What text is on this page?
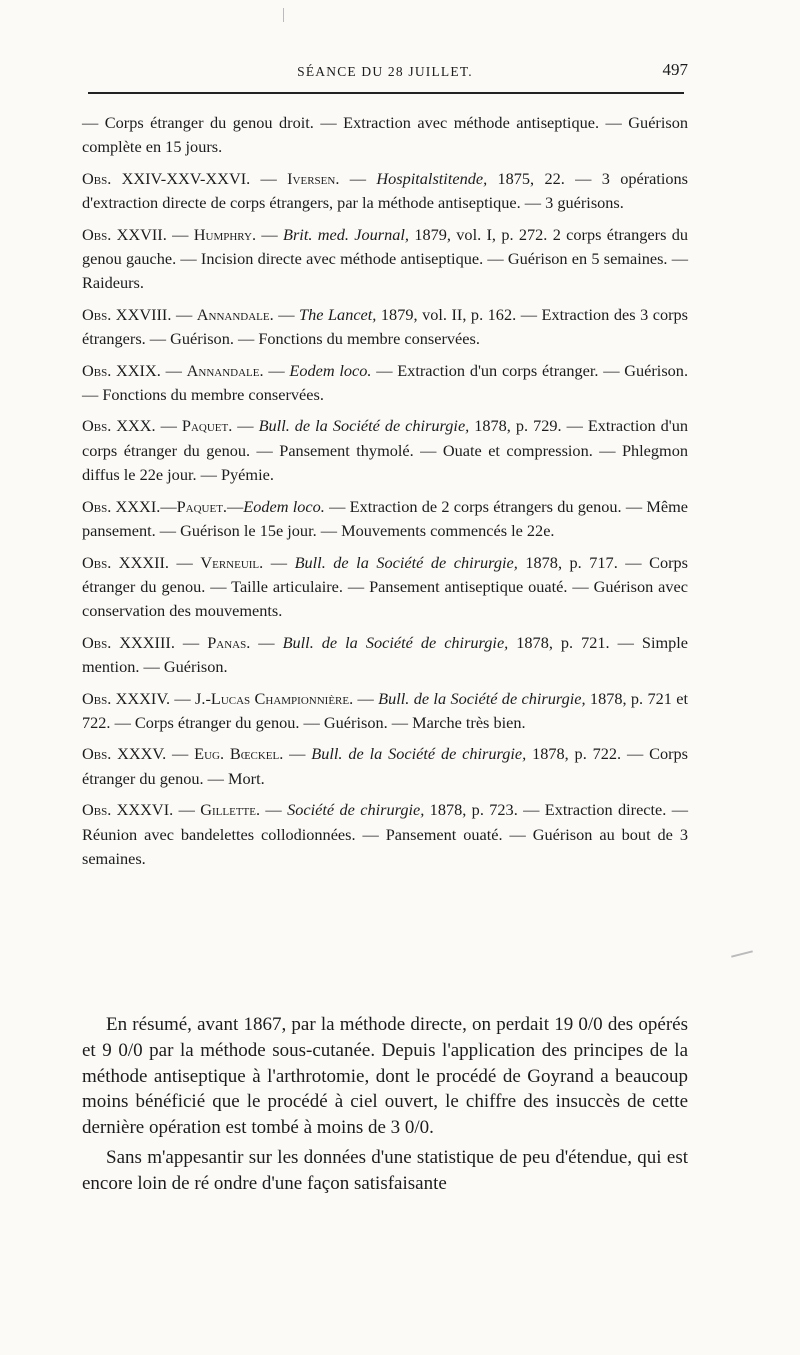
SÉANCE DU 28 JUILLET.	497

— Corps étranger du genou droit. — Extraction avec méthode antiseptique. — Guérison complète en 15 jours.

Obs. XXIV-XXV-XXVI. — Iversen. — Hospitalstitende, 1875, 22. — 3 opérations d'extraction directe de corps étrangers, par la méthode antiseptique. — 3 guérisons.

Obs. XXVII. — Humphry. — Brit. med. Journal, 1879, vol. I, p. 272. 2 corps étrangers du genou gauche. — Incision directe avec méthode antiseptique. — Guérison en 5 semaines. — Raideurs.

Obs. XXVIII. — Annandale. — The Lancet, 1879, vol. II, p. 162. — Extraction des 3 corps étrangers. — Guérison. — Fonctions du membre conservées.

Obs. XXIX. — Annandale. — Eodem loco. — Extraction d'un corps étranger. — Guérison. — Fonctions du membre conservées.

Obs. XXX. — Paquet. — Bull. de la Société de chirurgie, 1878, p. 729. — Extraction d'un corps étranger du genou. — Pansement thymolé. — Ouate et compression. — Phlegmon diffus le 22e jour. — Pyémie.

Obs. XXXI.—Paquet.—Eodem loco. — Extraction de 2 corps étrangers du genou. — Même pansement. — Guérison le 15e jour. — Mouvements commencés le 22e.

Obs. XXXII. — Verneuil. — Bull. de la Société de chirurgie, 1878, p. 717. — Corps étranger du genou. — Taille articulaire. — Pansement antiseptique ouaté. — Guérison avec conservation des mouvements.

Obs. XXXIII. — Panas. — Bull. de la Société de chirurgie, 1878, p. 721. — Simple mention. — Guérison.

Obs. XXXIV. — J.-Lucas Championnière. — Bull. de la Société de chirurgie, 1878, p. 721 et 722. — Corps étranger du genou. — Guérison. — Marche très bien.

Obs. XXXV. — Eug. Bœckel. — Bull. de la Société de chirurgie, 1878, p. 722. — Corps étranger du genou. — Mort.

Obs. XXXVI. — Gillette. — Société de chirurgie, 1878, p. 723. — Extraction directe. — Réunion avec bandelettes collodionnées. — Pansement ouaté. — Guérison au bout de 3 semaines.

En résumé, avant 1867, par la méthode directe, on perdait 19 0/0 des opérés et 9 0/0 par la méthode sous-cutanée. Depuis l'application des principes de la méthode antiseptique à l'arthrotomie, dont le procédé de Goyrand a beaucoup moins bénéficié que le procédé à ciel ouvert, le chiffre des insuccès de cette dernière opération est tombé à moins de 3 0/0.

Sans m'appesantir sur les données d'une statistique de peu d'étendue, qui est encore loin de ré ondre d'une façon satisfaisante
